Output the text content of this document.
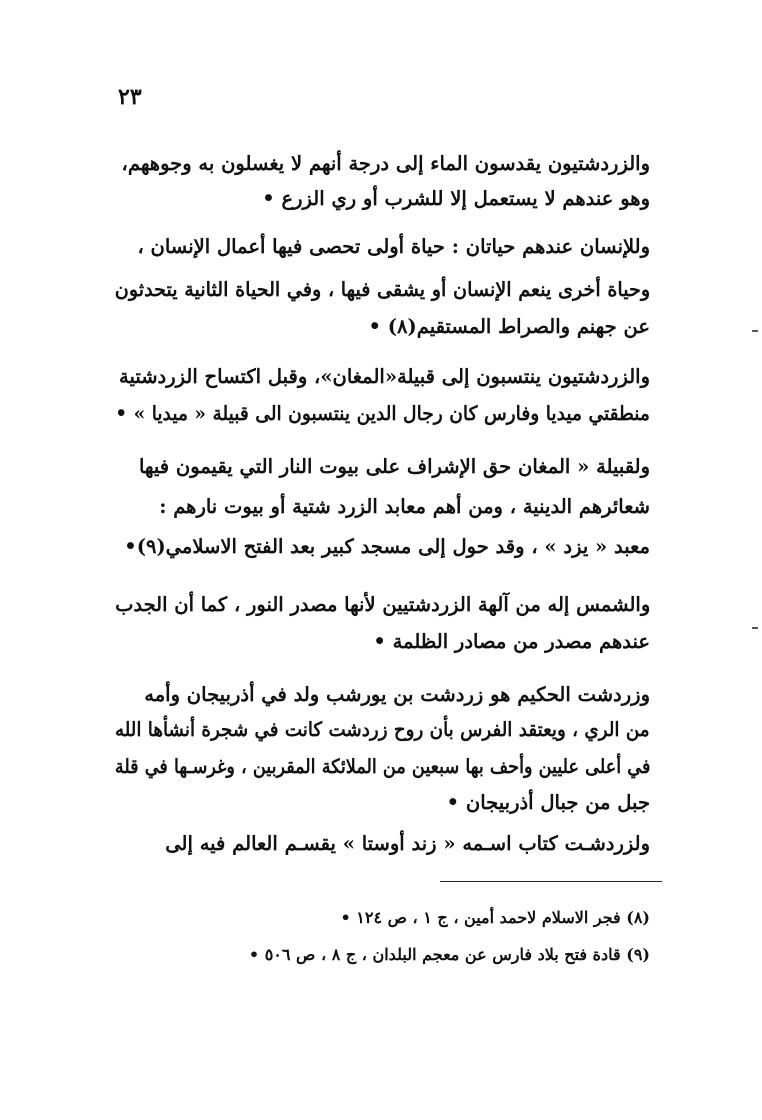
٢٣
والزردشتيون يقدسون الماء إلى درجة أنهم لا يغسلون به وجوههم،
وهو عندهم لا يستعمل إلا للشرب أو ري الزرع •
وللإنسان عندهم حياتان : حياة أولى تحصى فيها أعمال الإنسان ،
وحياة أخرى ينعم الإنسان أو يشقى فيها ، وفي الحياة الثانية يتحدثون
عن جهنم والصراط المستقيم(٨) •
والزردشتيون ينتسبون إلى قبيلة«المغان»، وقبل اكتساح الزردشتية
منطقتي ميديا وفارس كان رجال الدين ينتسبون الى قبيلة « ميديا » •
ولقبيلة « المغان حق الإشراف على بيوت النار التي يقيمون فيها
شعائرهم الدينية ، ومن أهم معابد الزرد شتية أو بيوت نارهم :
معبد « يزد » ، وقد حول إلى مسجد كبير بعد الفتح الاسلامي(٩)•
والشمس إله من آلهة الزردشتيين لأنها مصدر النور ، كما أن الجدب
عندهم مصدر من مصادر الظلمة •
وزردشت الحكيم هو زردشت بن يورشب ولد في أذربيجان وأمه
من الري ، ويعتقد الفرس بأن روح زردشت كانت في شجرة أنشأها الله
في أعلى عليين وأحف بها سبعين من الملائكة المقربين ، وغرسـها في قلة
جبل من جبال أذربيجان •
ولزردشـت كتاب اسـمه « زند أوستا » يقسـم العالم فيه إلى
(٨) فجر الاسلام لاحمد أمين ، ج ١ ، ص ١٢٤ •
(٩) قادة فتح بلاد فارس عن معجم البلدان ، ج ٨ ، ص ٥٠٦ •
